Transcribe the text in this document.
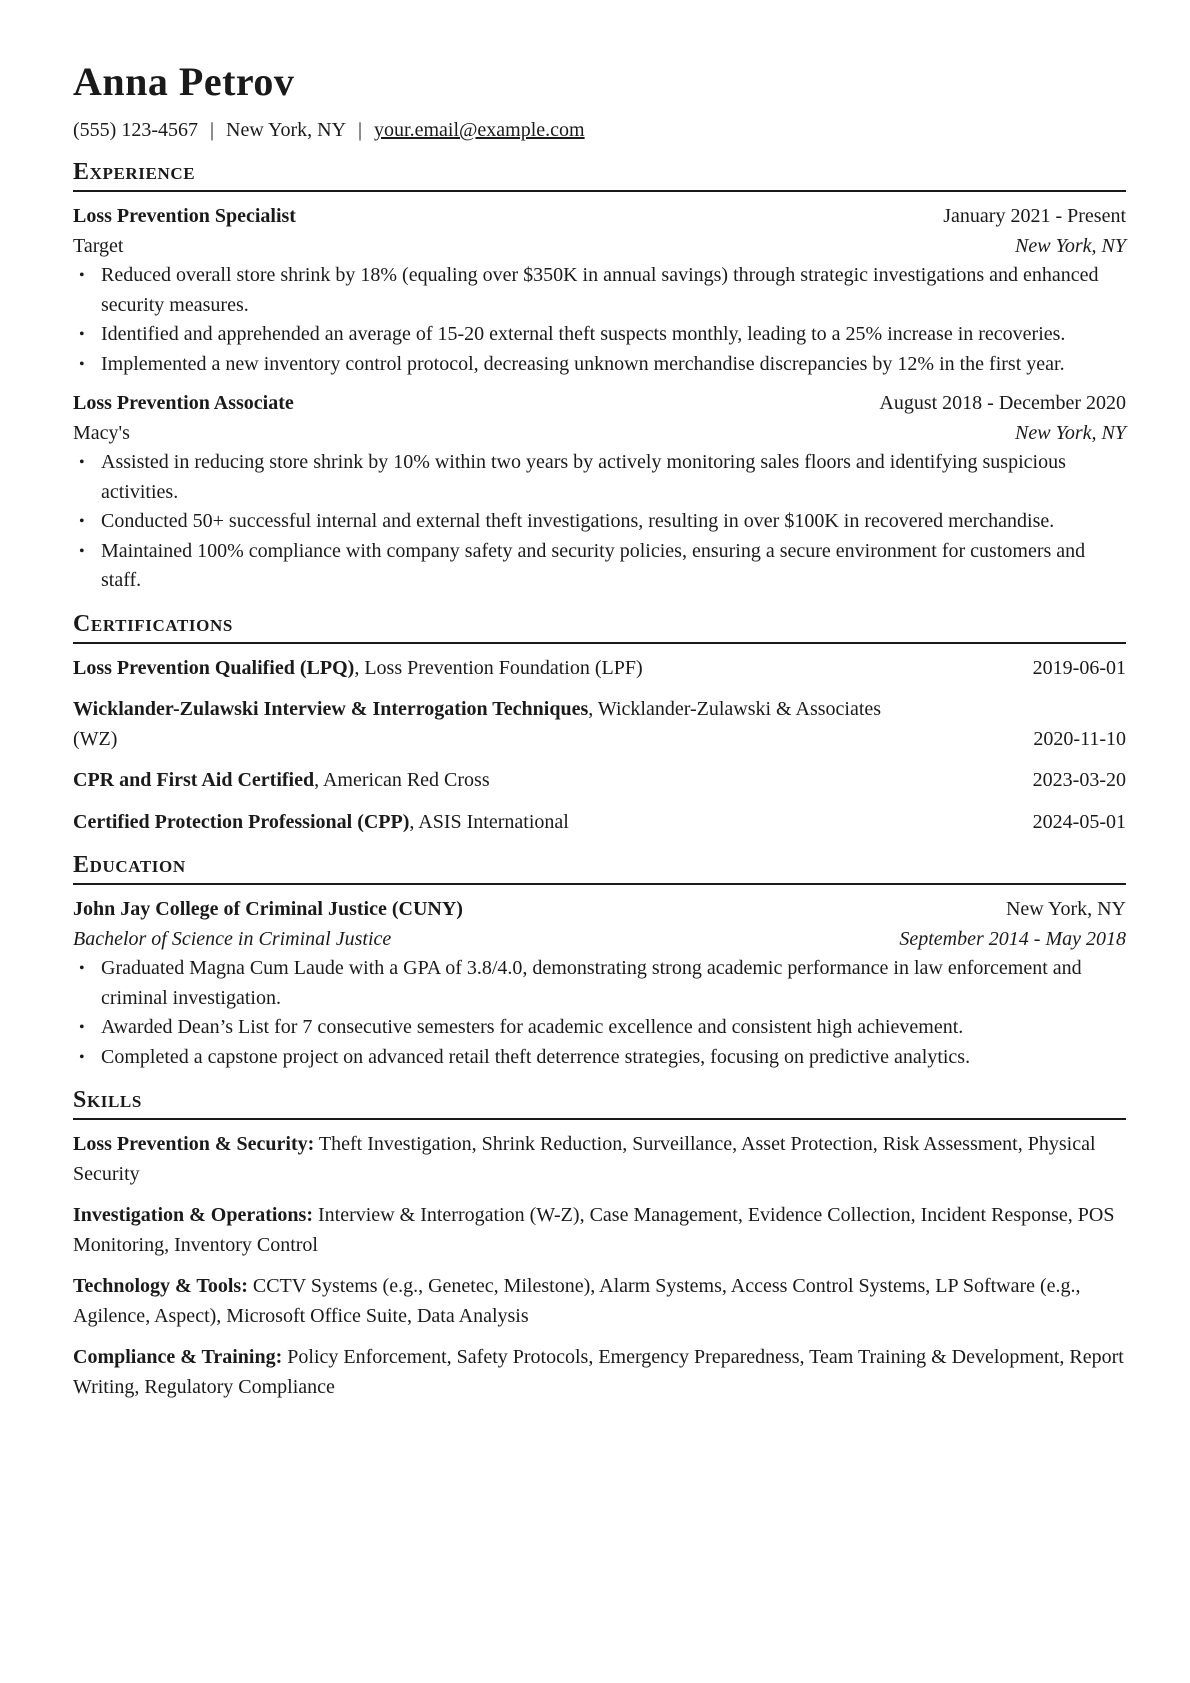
Anna Petrov
(555) 123-4567 | New York, NY | your.email@example.com
Experience
Loss Prevention Specialist	January 2021 - Present
Target	New York, NY
• Reduced overall store shrink by 18% (equaling over $350K in annual savings) through strategic investigations and enhanced security measures.
• Identified and apprehended an average of 15-20 external theft suspects monthly, leading to a 25% increase in recoveries.
• Implemented a new inventory control protocol, decreasing unknown merchandise discrepancies by 12% in the first year.
Loss Prevention Associate	August 2018 - December 2020
Macy's	New York, NY
• Assisted in reducing store shrink by 10% within two years by actively monitoring sales floors and identifying suspicious activities.
• Conducted 50+ successful internal and external theft investigations, resulting in over $100K in recovered merchandise.
• Maintained 100% compliance with company safety and security policies, ensuring a secure environment for customers and staff.
Certifications
Loss Prevention Qualified (LPQ), Loss Prevention Foundation (LPF)	2019-06-01
Wicklander-Zulawski Interview & Interrogation Techniques, Wicklander-Zulawski & Associates
(WZ)	2020-11-10
CPR and First Aid Certified, American Red Cross	2023-03-20
Certified Protection Professional (CPP), ASIS International	2024-05-01
Education
John Jay College of Criminal Justice (CUNY)	New York, NY
Bachelor of Science in Criminal Justice	September 2014 - May 2018
• Graduated Magna Cum Laude with a GPA of 3.8/4.0, demonstrating strong academic performance in law enforcement and criminal investigation.
• Awarded Dean’s List for 7 consecutive semesters for academic excellence and consistent high achievement.
• Completed a capstone project on advanced retail theft deterrence strategies, focusing on predictive analytics.
Skills
Loss Prevention & Security: Theft Investigation, Shrink Reduction, Surveillance, Asset Protection, Risk Assessment, Physical Security
Investigation & Operations: Interview & Interrogation (W-Z), Case Management, Evidence Collection, Incident Response, POS Monitoring, Inventory Control
Technology & Tools: CCTV Systems (e.g., Genetec, Milestone), Alarm Systems, Access Control Systems, LP Software (e.g., Agilence, Aspect), Microsoft Office Suite, Data Analysis
Compliance & Training: Policy Enforcement, Safety Protocols, Emergency Preparedness, Team Training & Development, Report Writing, Regulatory Compliance
